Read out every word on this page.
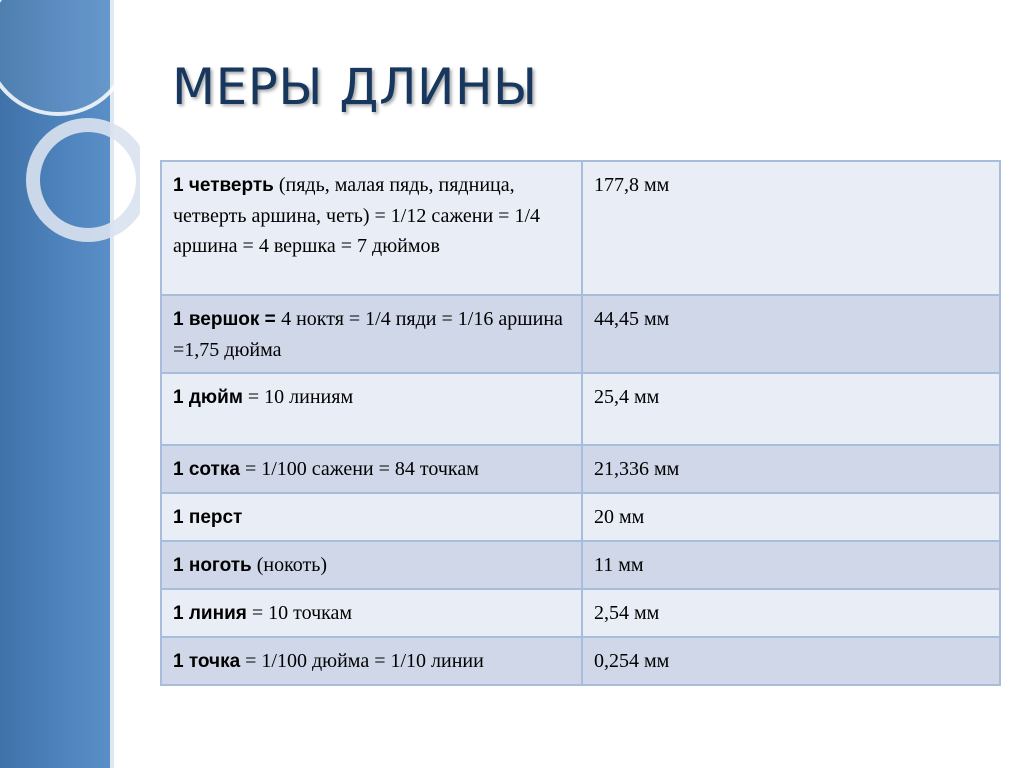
МЕРЫ ДЛИНЫ
1 четверть (пядь, малая пядь, пядница, четверть аршина, четь) = 1/12 сажени = 1/4 аршина = 4 вершка = 7 дюймов	177,8 мм
1 вершок = 4 ноктя = 1/4 пяди = 1/16 аршина =1,75 дюйма	44,45 мм
1 дюйм = 10 линиям	25,4 мм
1 сотка = 1/100 сажени = 84 точкам	21,336 мм
1 перст	20 мм
1 ноготь (нокоть)	11 мм
1 линия = 10 точкам	2,54 мм
1 точка = 1/100 дюйма = 1/10 линии	0,254 мм
